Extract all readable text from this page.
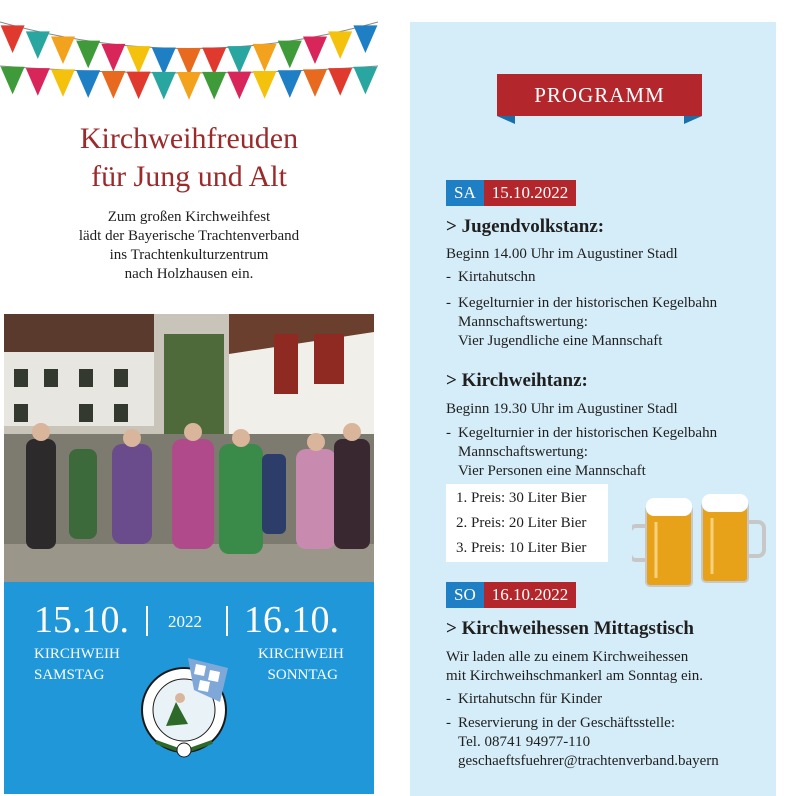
Kirchweihfreuden
für Jung und Alt
Zum großen Kirchweihfest
lädt der Bayerische Trachtenverband
ins Trachtenkulturzentrum
nach Holzhausen ein.
15.10. 2022 16.10.
KIRCHWEIH
SAMSTAG
KIRCHWEIH
SONNTAG
PROGRAMM
SA 15.10.2022
> Jugendvolkstanz:
Beginn 14.00 Uhr im Augustiner Stadl
- Kirtahutschn
- Kegelturnier in der historischen Kegelbahn
Mannschaftswertung:
Vier Jugendliche eine Mannschaft
> Kirchweihtanz:
Beginn 19.30 Uhr im Augustiner Stadl
- Kegelturnier in der historischen Kegelbahn
Mannschaftswertung:
Vier Personen eine Mannschaft
1. Preis: 30 Liter Bier
2. Preis: 20 Liter Bier
3. Preis: 10 Liter Bier
SO 16.10.2022
> Kirchweihessen Mittagstisch
Wir laden alle zu einem Kirchweihessen
mit Kirchweihschmankerl am Sonntag ein.
- Kirtahutschn für Kinder
- Reservierung in der Geschäftsstelle:
Tel. 08741 94977-110
geschaeftsfuehrer@trachtenverband.bayern
